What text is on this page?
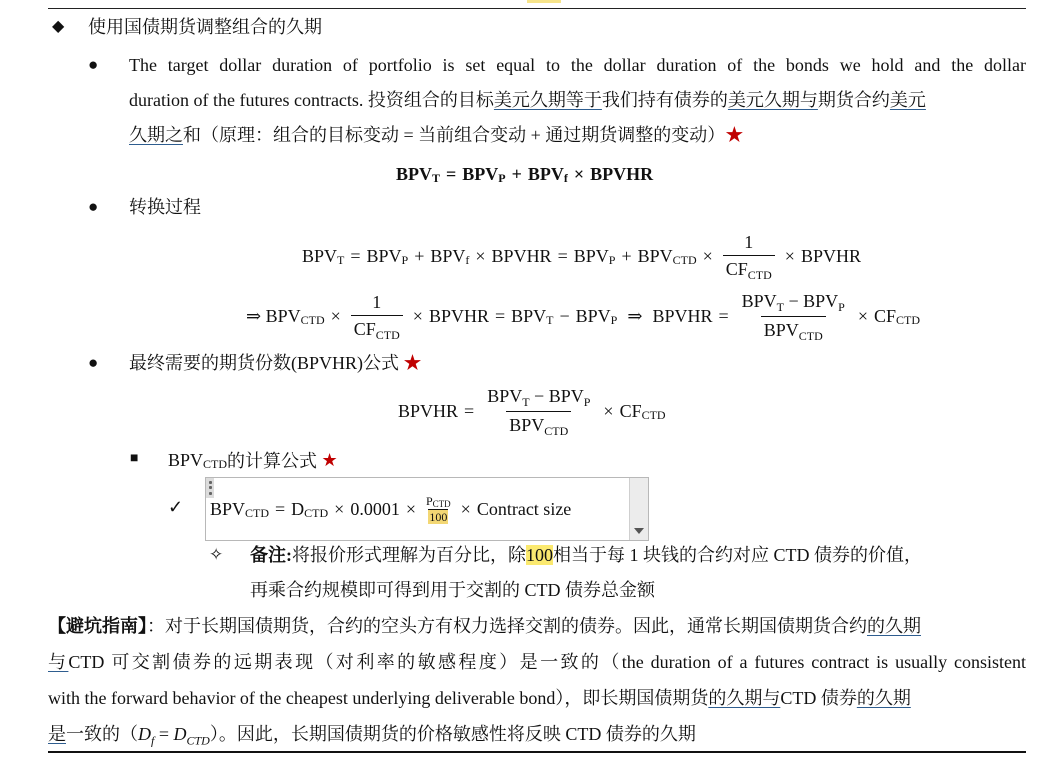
◆ 使用国债期货调整组合的久期
● The target dollar duration of portfolio is set equal to the dollar duration of the bonds we hold and the dollar
duration of the futures contracts. 投资组合的目标美元久期等于我们持有债券的美元久期与期货合约美元
久期之和（原理：组合的目标变动 = 当前组合变动 + 通过期货调整的变动）★
$BPV_T = BPV_P + BPV_f$ × BPVHR
● 转换过程
$BPV_T = BPV_P + BPV_f$ × BPVHR = $BPV_P + BPV_{CTD} \times \frac{1}{CF_{CTD}}$ × BPVHR
⇒
$BPV_{CTD} \times \frac{1}{CF_{CTD}}$ × BPVHR = $BPV_T - BPV_P$ ⇒ BPVHR = $\frac{BPV_T - BPV_P}{BPV_{CTD}} \times CF_{CTD}$
● 最终需要的期货份数(BPVHR)公式 ★
BPVHR = $\frac{BPV_T - BPV_P}{BPV_{CTD}} \times CF_{CTD}$
■ $BPV_{CTD}$ 的计算公式
★
✓ $BPV_{CTD} = D_{CTD} \times 0.0001 \times \frac{P_{CTD}}{100}$ × Contract size
✧ 备注:将报价形式理解为百分比，除100相当于每 1 块钱的合约对应 CTD 债券的价值，
再乘合约规模即可得到用于交割的 CTD 债券总金额
【避坑指南】：对于长期国债期货，合约的空头方有权力选择交割的债券。因此，通常长期国债期货合约的久期
与CTD 可交割债券的远期表现（对利率的敏感程度）是一致的（the duration of a futures contract is usually consistent
with the forward behavior of the cheapest underlying deliverable bond），即长期国债期货的久期与CTD 债券的久期
是一致的$(D_f = D_{CTD})$。因此，长期国债期货的价格敏感性将反映 CTD 债券的久期
